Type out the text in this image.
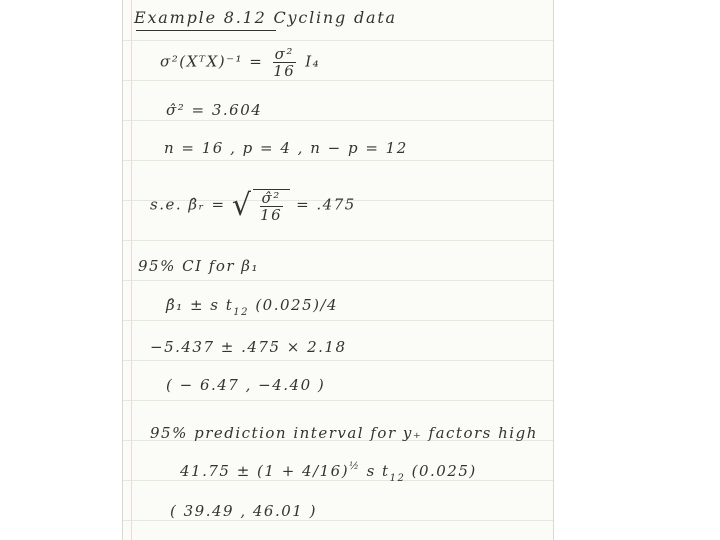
Example 8.12 Cycling data
σ²(XᵀX)⁻¹ = $\frac{\text{σ²}}{16} I_4$
σ̂² = 3.604
n = 16 , p = 4 , n − p = 12
s.e. β̂ᵣ = √ $\frac{\text{σ̂²}}{16} = .475$
95% CI for β₁
β̂₁ ± s $t_{12}$ (0.025)/4
−5.437 ± .475 × 2.18
( − 6.47 , −4.40 )
95% prediction interval for y₊ factors high
$41.75 \pm (1 + 4/16)^{\frac{1}{2}}$ s $t_{12}$ (0.025)
( 39.49 , 46.01 )
